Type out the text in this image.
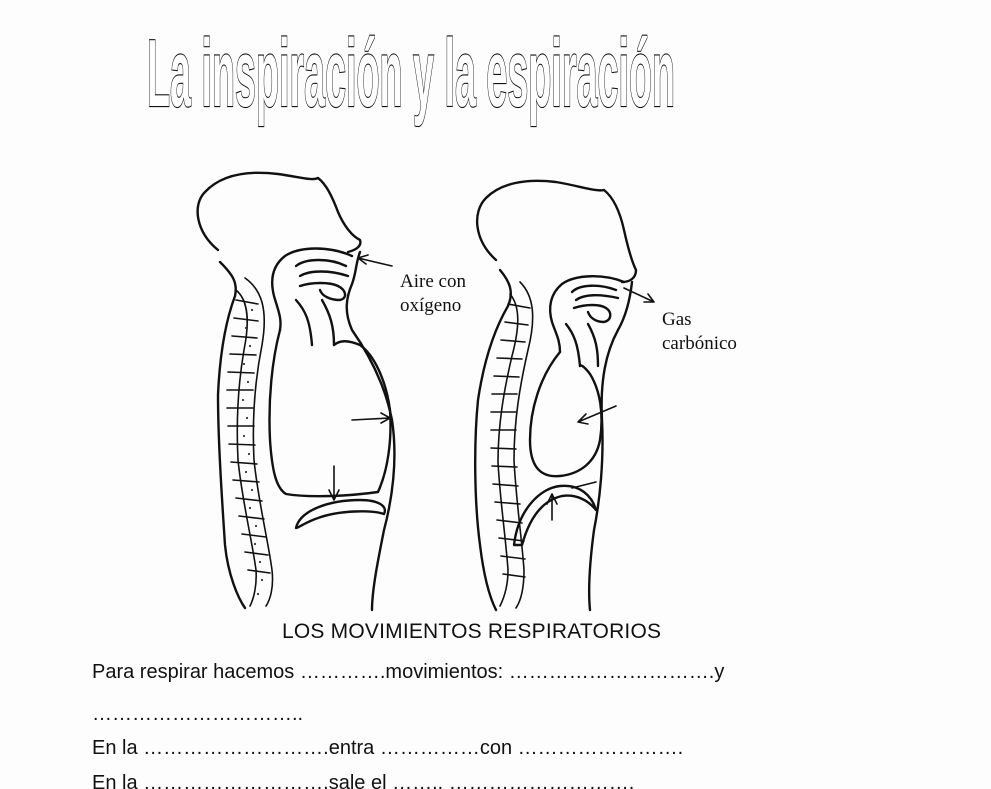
La inspiración y la espiración
Aire con
oxígeno
Gas
carbónico
LOS MOVIMIENTOS RESPIRATORIOS
Para respirar hacemos ………….movimientos: ………………………….y
…………………………..
En la ……………………….entra ……………con …………………….
En la ……………………….sale el …….. ……………………….
